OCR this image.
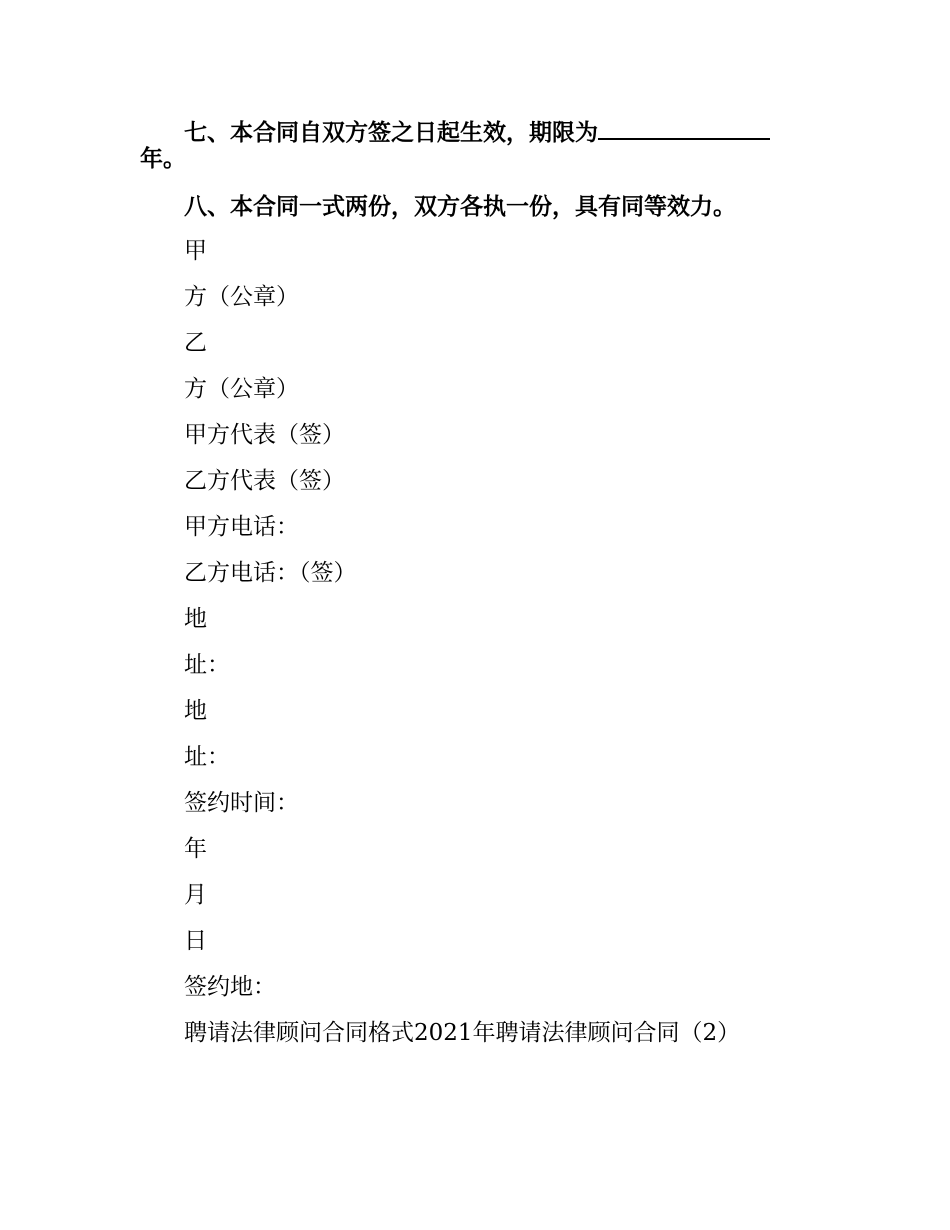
七、本合同自双方签之日起生效，期限为
年。
八、本合同一式两份，双方各执一份，具有同等效力。
甲
方（公章）
乙
方（公章）
甲方代表（签）
乙方代表（签）
甲方电话：
乙方电话：（签）
地
址：
地
址：
签约时间：
年
月
日
签约地：
聘请法律顾问合同格式2021年聘请法律顾问合同（2）
